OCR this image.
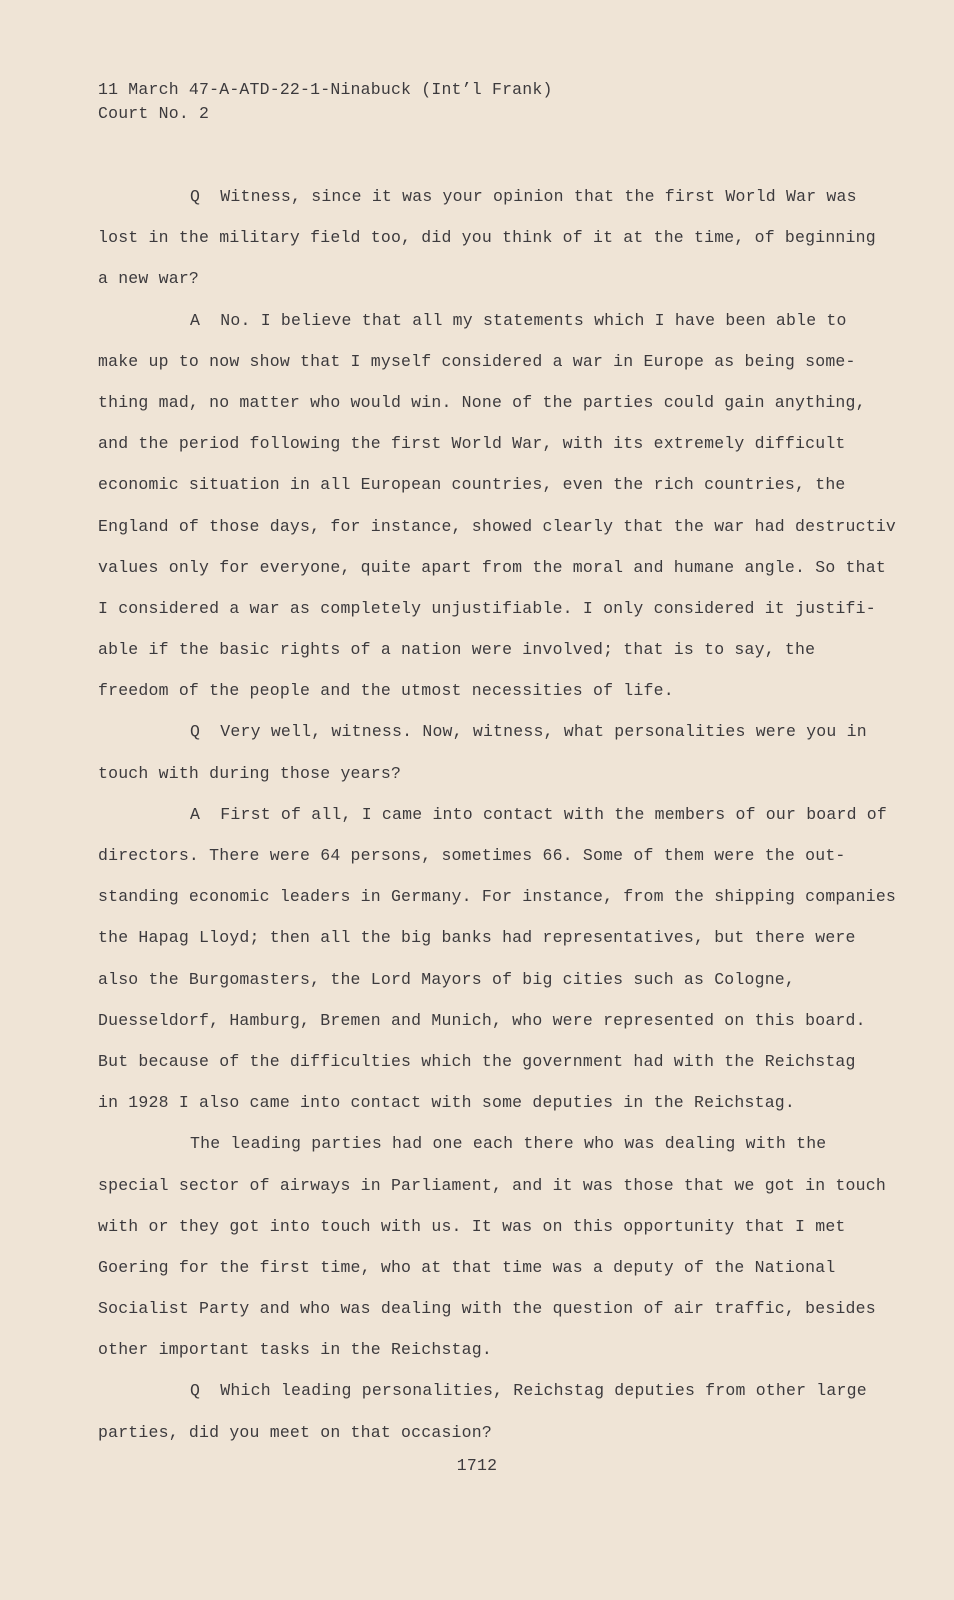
11 March 47-A-ATD-22-1-Ninabuck (Int’l Frank)
Court No. 2
Q  Witness, since it was your opinion that the first World War was
lost in the military field too, did you think of it at the time, of beginning
a new war?
A  No. I believe that all my statements which I have been able to
make up to now show that I myself considered a war in Europe as being some-
thing mad, no matter who would win. None of the parties could gain anything,
and the period following the first World War, with its extremely difficult
economic situation in all European countries, even the rich countries, the
England of those days, for instance, showed clearly that the war had destructiv
values only for everyone, quite apart from the moral and humane angle. So that
I considered a war as completely unjustifiable. I only considered it justifi-
able if the basic rights of a nation were involved; that is to say, the
freedom of the people and the utmost necessities of life.
Q  Very well, witness. Now, witness, what personalities were you in
touch with during those years?
A  First of all, I came into contact with the members of our board of
directors. There were 64 persons, sometimes 66. Some of them were the out-
standing economic leaders in Germany. For instance, from the shipping companies
the Hapag Lloyd; then all the big banks had representatives, but there were
also the Burgomasters, the Lord Mayors of big cities such as Cologne,
Duesseldorf, Hamburg, Bremen and Munich, who were represented on this board.
But because of the difficulties which the government had with the Reichstag
in 1928 I also came into contact with some deputies in the Reichstag.
The leading parties had one each there who was dealing with the
special sector of airways in Parliament, and it was those that we got in touch
with or they got into touch with us. It was on this opportunity that I met
Goering for the first time, who at that time was a deputy of the National
Socialist Party and who was dealing with the question of air traffic, besides
other important tasks in the Reichstag.
Q  Which leading personalities, Reichstag deputies from other large
parties, did you meet on that occasion?
1712
